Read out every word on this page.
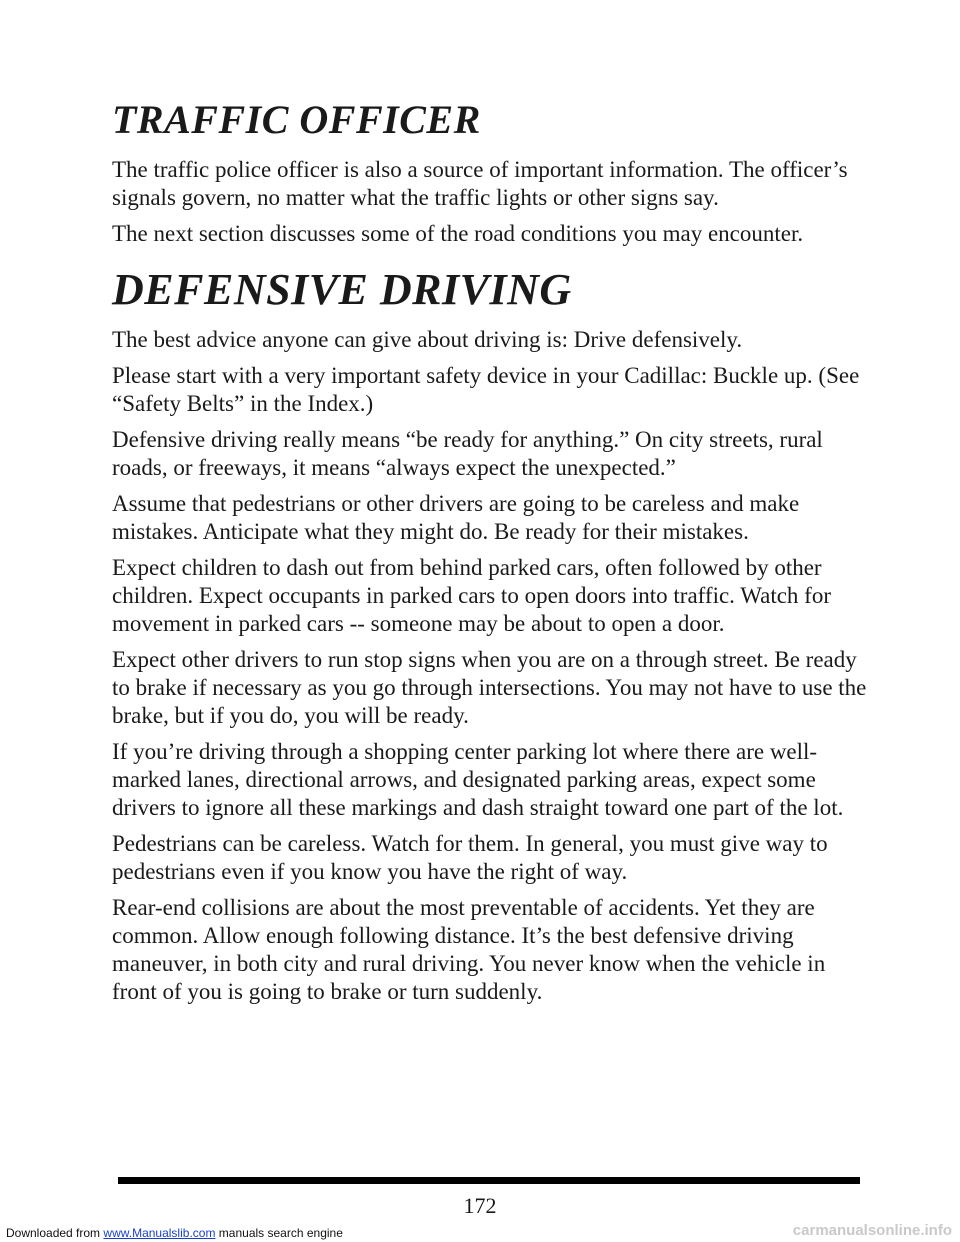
TRAFFIC OFFICER

The traffic police officer is also a source of important information. The officer’s signals govern, no matter what the traffic lights or other signs say.

The next section discusses some of the road conditions you may encounter.

DEFENSIVE DRIVING

The best advice anyone can give about driving is: Drive defensively.

Please start with a very important safety device in your Cadillac: Buckle up. (See “Safety Belts” in the Index.)

Defensive driving really means “be ready for anything.” On city streets, rural roads, or freeways, it means “always expect the unexpected.”

Assume that pedestrians or other drivers are going to be careless and make mistakes. Anticipate what they might do. Be ready for their mistakes.

Expect children to dash out from behind parked cars, often followed by other children. Expect occupants in parked cars to open doors into traffic. Watch for movement in parked cars -- someone may be about to open a door.

Expect other drivers to run stop signs when you are on a through street. Be ready to brake if necessary as you go through intersections. You may not have to use the brake, but if you do, you will be ready.

If you’re driving through a shopping center parking lot where there are well-marked lanes, directional arrows, and designated parking areas, expect some drivers to ignore all these markings and dash straight toward one part of the lot.

Pedestrians can be careless. Watch for them. In general, you must give way to pedestrians even if you know you have the right of way.

Rear-end collisions are about the most preventable of accidents. Yet they are common. Allow enough following distance. It’s the best defensive driving maneuver, in both city and rural driving. You never know when the vehicle in front of you is going to brake or turn suddenly.

172
Downloaded from www.Manualslib.com manuals search engine	carmanualsonline.info
